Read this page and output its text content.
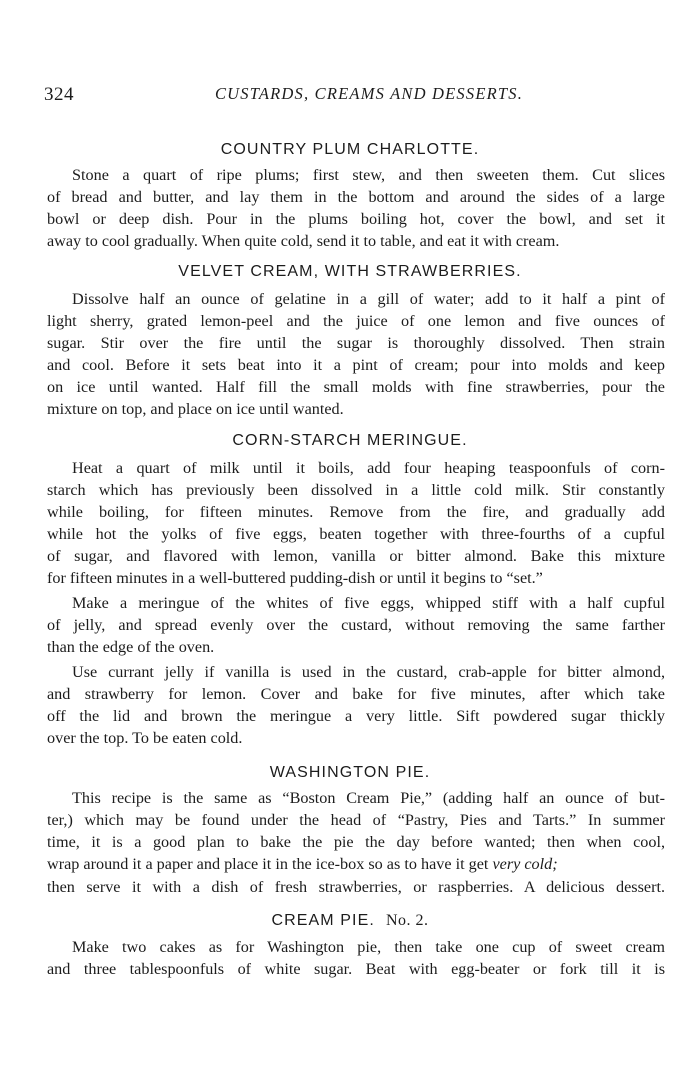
324	CUSTARDS, CREAMS AND DESSERTS.
COUNTRY PLUM CHARLOTTE.
Stone a quart of ripe plums; first stew, and then sweeten them. Cut slices
of bread and butter, and lay them in the bottom and around the sides of a large
bowl or deep dish. Pour in the plums boiling hot, cover the bowl, and set it
away to cool gradually. When quite cold, send it to table, and eat it with cream.
VELVET CREAM, WITH STRAWBERRIES.
Dissolve half an ounce of gelatine in a gill of water; add to it half a pint of
light sherry, grated lemon-peel and the juice of one lemon and five ounces of
sugar. Stir over the fire until the sugar is thoroughly dissolved. Then strain
and cool. Before it sets beat into it a pint of cream; pour into molds and keep
on ice until wanted. Half fill the small molds with fine strawberries, pour the
mixture on top, and place on ice until wanted.
CORN-STARCH MERINGUE.
Heat a quart of milk until it boils, add four heaping teaspoonfuls of corn-
starch which has previously been dissolved in a little cold milk. Stir constantly
while boiling, for fifteen minutes. Remove from the fire, and gradually add
while hot the yolks of five eggs, beaten together with three-fourths of a cupful
of sugar, and flavored with lemon, vanilla or bitter almond. Bake this mixture
for fifteen minutes in a well-buttered pudding-dish or until it begins to “set.”
Make a meringue of the whites of five eggs, whipped stiff with a half cupful
of jelly, and spread evenly over the custard, without removing the same farther
than the edge of the oven.
Use currant jelly if vanilla is used in the custard, crab-apple for bitter almond,
and strawberry for lemon. Cover and bake for five minutes, after which take
off the lid and brown the meringue a very little. Sift powdered sugar thickly
over the top. To be eaten cold.
WASHINGTON PIE.
This recipe is the same as “Boston Cream Pie,” (adding half an ounce of but-
ter,) which may be found under the head of “Pastry, Pies and Tarts.” In summer
time, it is a good plan to bake the pie the day before wanted; then when cool,
wrap around it a paper and place it in the ice-box so as to have it get very cold;
then serve it with a dish of fresh strawberries, or raspberries. A delicious dessert.
CREAM PIE. No. 2.
Make two cakes as for Washington pie, then take one cup of sweet cream
and three tablespoonfuls of white sugar. Beat with egg-beater or fork till it is
